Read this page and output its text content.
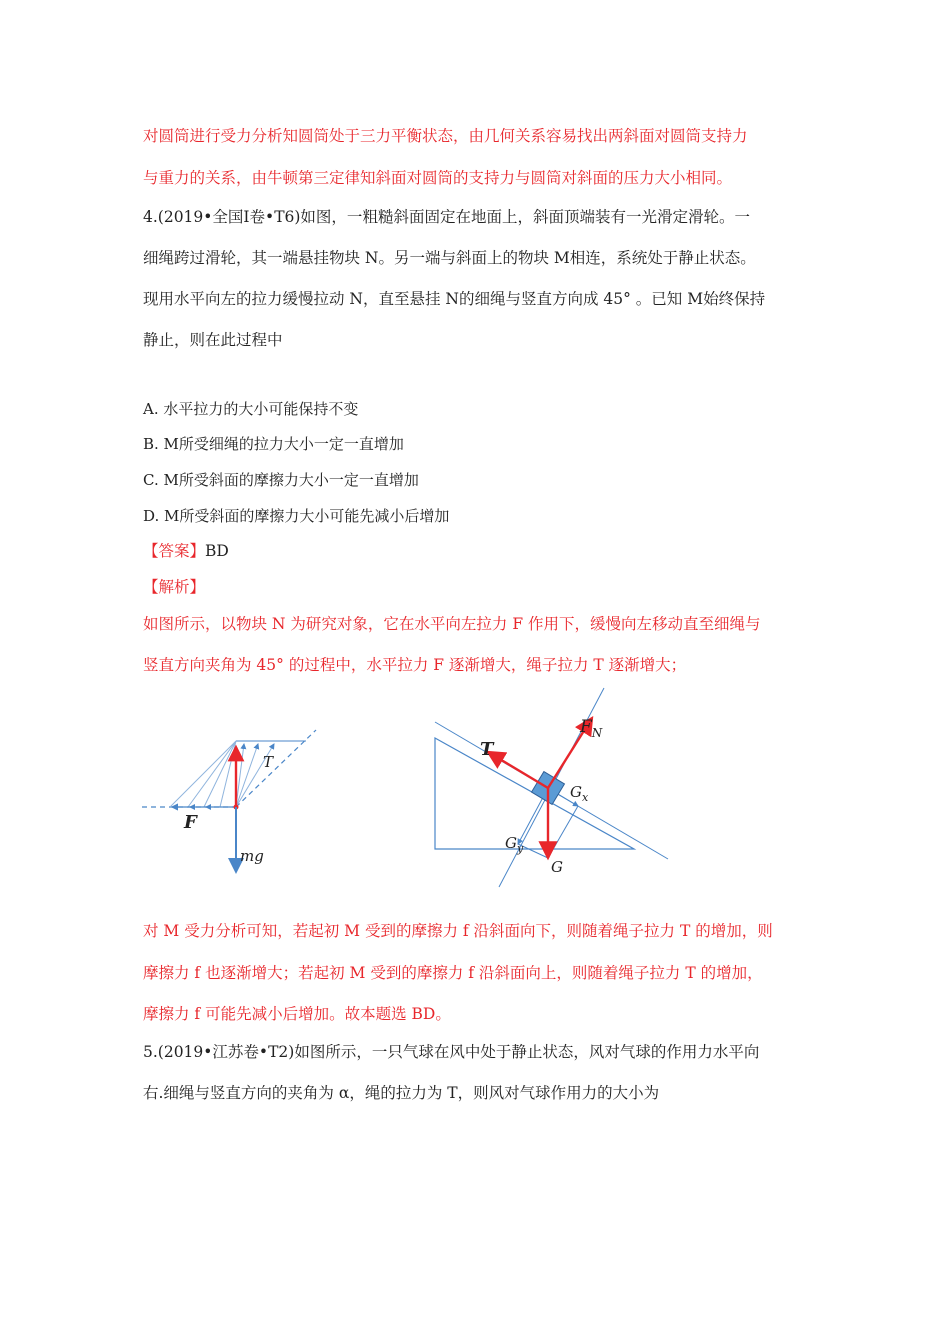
对圆筒进行受力分析知圆筒处于三力平衡状态，由几何关系容易找出两斜面对圆筒支持力
与重力的关系，由牛顿第三定律知斜面对圆筒的支持力与圆筒对斜面的压力大小相同。
4.(2019•全国Ⅰ卷•T6)如图，一粗糙斜面固定在地面上，斜面顶端装有一光滑定滑轮。一
细绳跨过滑轮，其一端悬挂物块 N。另一端与斜面上的物块 M相连，系统处于静止状态。
现用水平向左的拉力缓慢拉动 N，直至悬挂 N的细绳与竖直方向成 45° 。已知 M始终保持
静止，则在此过程中
A. 水平拉力的大小可能保持不变
B. M所受细绳的拉力大小一定一直增加
C. M所受斜面的摩擦力大小一定一直增加
D. M所受斜面的摩擦力大小可能先减小后增加
【答案】BD
【解析】
如图所示，以物块 N 为研究对象，它在水平向左拉力 F 作用下，缓慢向左移动直至细绳与
竖直方向夹角为 45° 的过程中，水平拉力 F 逐渐增大，绳子拉力 T 逐渐增大；
T
F
mg
T
$F_N$
$G_x$
$G_y$
G
对 M 受力分析可知，若起初 M 受到的摩擦力 f 沿斜面向下，则随着绳子拉力 T 的增加，则
摩擦力 f 也逐渐增大；若起初 M 受到的摩擦力 f 沿斜面向上，则随着绳子拉力 T 的增加，
摩擦力 f 可能先减小后增加。故本题选 BD。
5.(2019•江苏卷•T2)如图所示，一只气球在风中处于静止状态，风对气球的作用力水平向
右.细绳与竖直方向的夹角为 α，绳的拉力为 T，则风对气球作用力的大小为
